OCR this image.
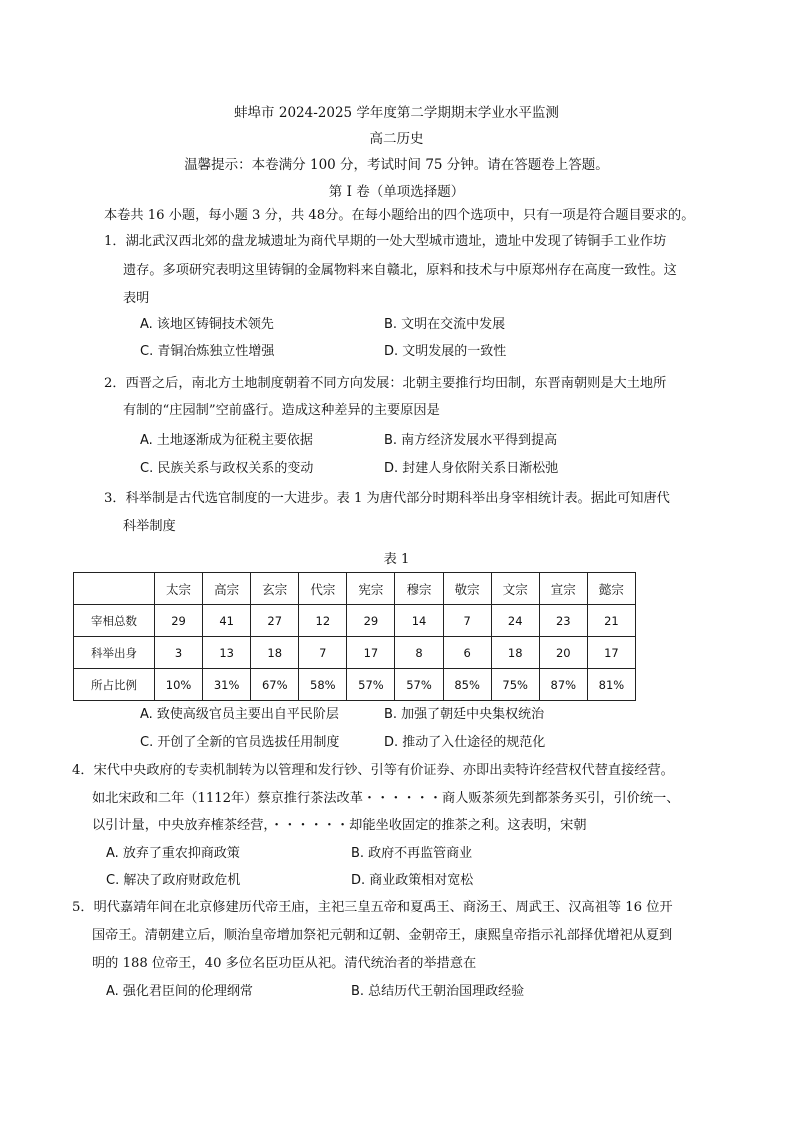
蚌埠市 2024-2025 学年度第二学期期末学业水平监测
高二历史
温馨提示：本卷满分 100 分，考试时间 75 分钟。请在答题卷上答题。
第 I 卷（单项选择题）
本卷共 16 小题，每小题 3 分，共 48分。在每小题给出的四个选项中，只有一项是符合题目要求的。
1．湖北武汉西北郊的盘龙城遗址为商代早期的一处大型城市遗址，遗址中发现了铸铜手工业作坊
遗存。多项研究表明这里铸铜的金属物料来自赣北，原料和技术与中原郑州存在高度一致性。这
表明
A. 该地区铸铜技术领先	B. 文明在交流中发展
C. 青铜冶炼独立性增强	D. 文明发展的一致性
2．西晋之后，南北方土地制度朝着不同方向发展：北朝主要推行均田制，东晋南朝则是大土地所
有制的“庄园制”空前盛行。造成这种差异的主要原因是
A. 土地逐渐成为征税主要依据	B. 南方经济发展水平得到提高
C. 民族关系与政权关系的变动	D. 封建人身依附关系日渐松弛
3．科举制是古代选官制度的一大进步。表 1 为唐代部分时期科举出身宰相统计表。据此可知唐代
科举制度
表 1
	太宗	高宗	玄宗	代宗	宪宗	穆宗	敬宗	文宗	宣宗	懿宗
宰相总数	29	41	27	12	29	14	7	24	23	21
科举出身	3	13	18	7	17	8	6	18	20	17
所占比例	10%	31%	67%	58%	57%	57%	85%	75%	87%	81%
A. 致使高级官员主要出自平民阶层	B. 加强了朝廷中央集权统治
C. 开创了全新的官员选拔任用制度	D. 推动了入仕途径的规范化
4．宋代中央政府的专卖机制转为以管理和发行钞、引等有价证券、亦即出卖特许经营权代替直接经营。
如北宋政和二年（1112年）蔡京推行茶法改革・・・・・・商人贩茶须先到都茶务买引，引价统一、
以引计量，中央放弃榷茶经营，・・・・・・却能坐收固定的推茶之利。这表明，宋朝
A. 放弃了重农抑商政策	B. 政府不再监管商业
C. 解决了政府财政危机	D. 商业政策相对宽松
5．明代嘉靖年间在北京修建历代帝王庙，主祀三皇五帝和夏禹王、商汤王、周武王、汉高祖等 16 位开
国帝王。清朝建立后，顺治皇帝增加祭祀元朝和辽朝、金朝帝王，康熙皇帝指示礼部择优增祀从夏到
明的 188 位帝王，40 多位名臣功臣从祀。清代统治者的举措意在
A. 强化君臣间的伦理纲常	B. 总结历代王朝治国理政经验
